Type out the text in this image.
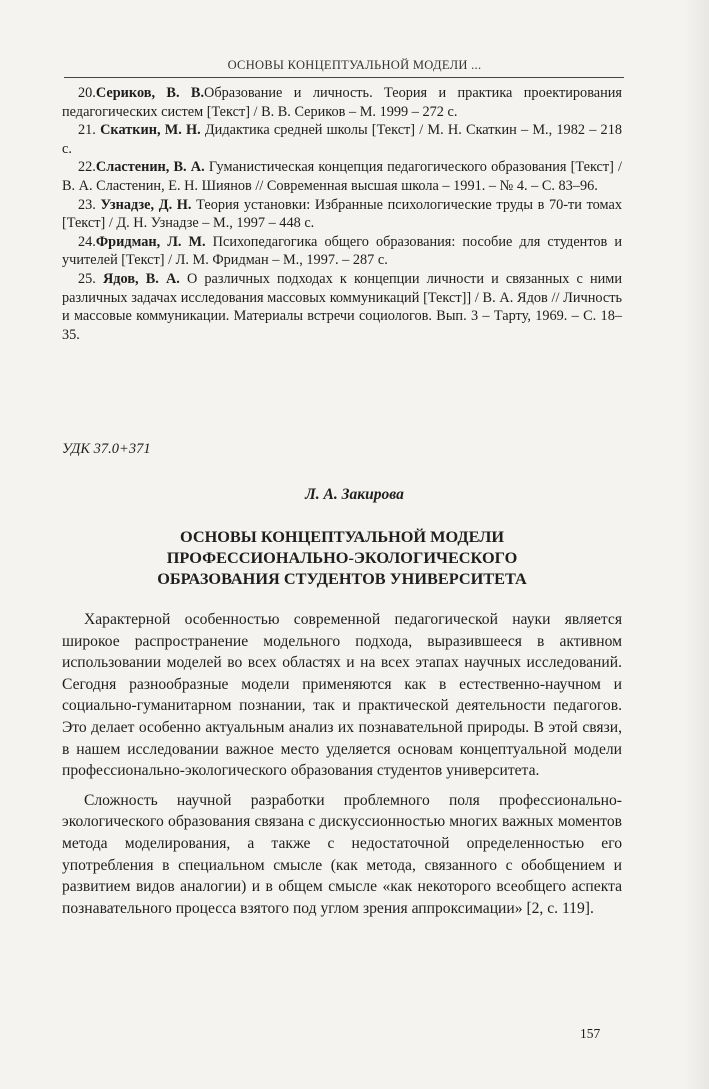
ОСНОВЫ КОНЦЕПТУАЛЬНОЙ МОДЕЛИ ...
20.Сериков, В. В.Образование и личность. Теория и практика проектирования педагогических систем [Текст] / В. В. Сериков – М. 1999 – 272 с.
21. Скаткин, М. Н. Дидактика средней школы [Текст] / М. Н. Скаткин – М., 1982 – 218 с.
22.Сластенин, В. А. Гуманистическая концепция педагогического образования [Текст] / В. А. Сластенин, Е. Н. Шиянов // Современная высшая школа – 1991. – № 4. – С. 83–96.
23. Узнадзе, Д. Н. Теория установки: Избранные психологические труды в 70-ти томах [Текст] / Д. Н. Узнадзе – М., 1997 – 448 с.
24.Фридман, Л. М. Психопедагогика общего образования: пособие для студентов и учителей [Текст] / Л. М. Фридман – М., 1997. – 287 с.
25. Ядов, В. А. О различных подходах к концепции личности и связанных с ними различных задачах исследования массовых коммуникаций [Текст]] / В. А. Ядов // Личность и массовые коммуникации. Материалы встречи социологов. Вып. 3 – Тарту, 1969. – С. 18–35.
УДК 37.0+371
Л. А. Закирова
ОСНОВЫ КОНЦЕПТУАЛЬНОЙ МОДЕЛИ
ПРОФЕССИОНАЛЬНО-ЭКОЛОГИЧЕСКОГО
ОБРАЗОВАНИЯ СТУДЕНТОВ УНИВЕРСИТЕТА

Характерной особенностью современной педагогической науки является широкое распространение модельного подхода, выразившееся в активном использовании моделей во всех областях и на всех этапах научных исследований. Сегодня разнообразные модели применяются как в естественно-научном и социально-гуманитарном познании, так и практической деятельности педагогов. Это делает особенно актуальным анализ их познавательной природы. В этой связи, в нашем исследовании важное место уделяется основам концептуальной модели профессионально-экологического образования студентов университета.

Сложность научной разработки проблемного поля профессионально-экологического образования связана с дискуссионностью многих важных моментов метода моделирования, а также с недостаточной определенностью его употребления в специальном смысле (как метода, связанного с обобщением и развитием видов аналогии) и в общем смысле «как некоторого всеобщего аспекта познавательного процесса взятого под углом зрения аппроксимации» [2, с. 119].

157
